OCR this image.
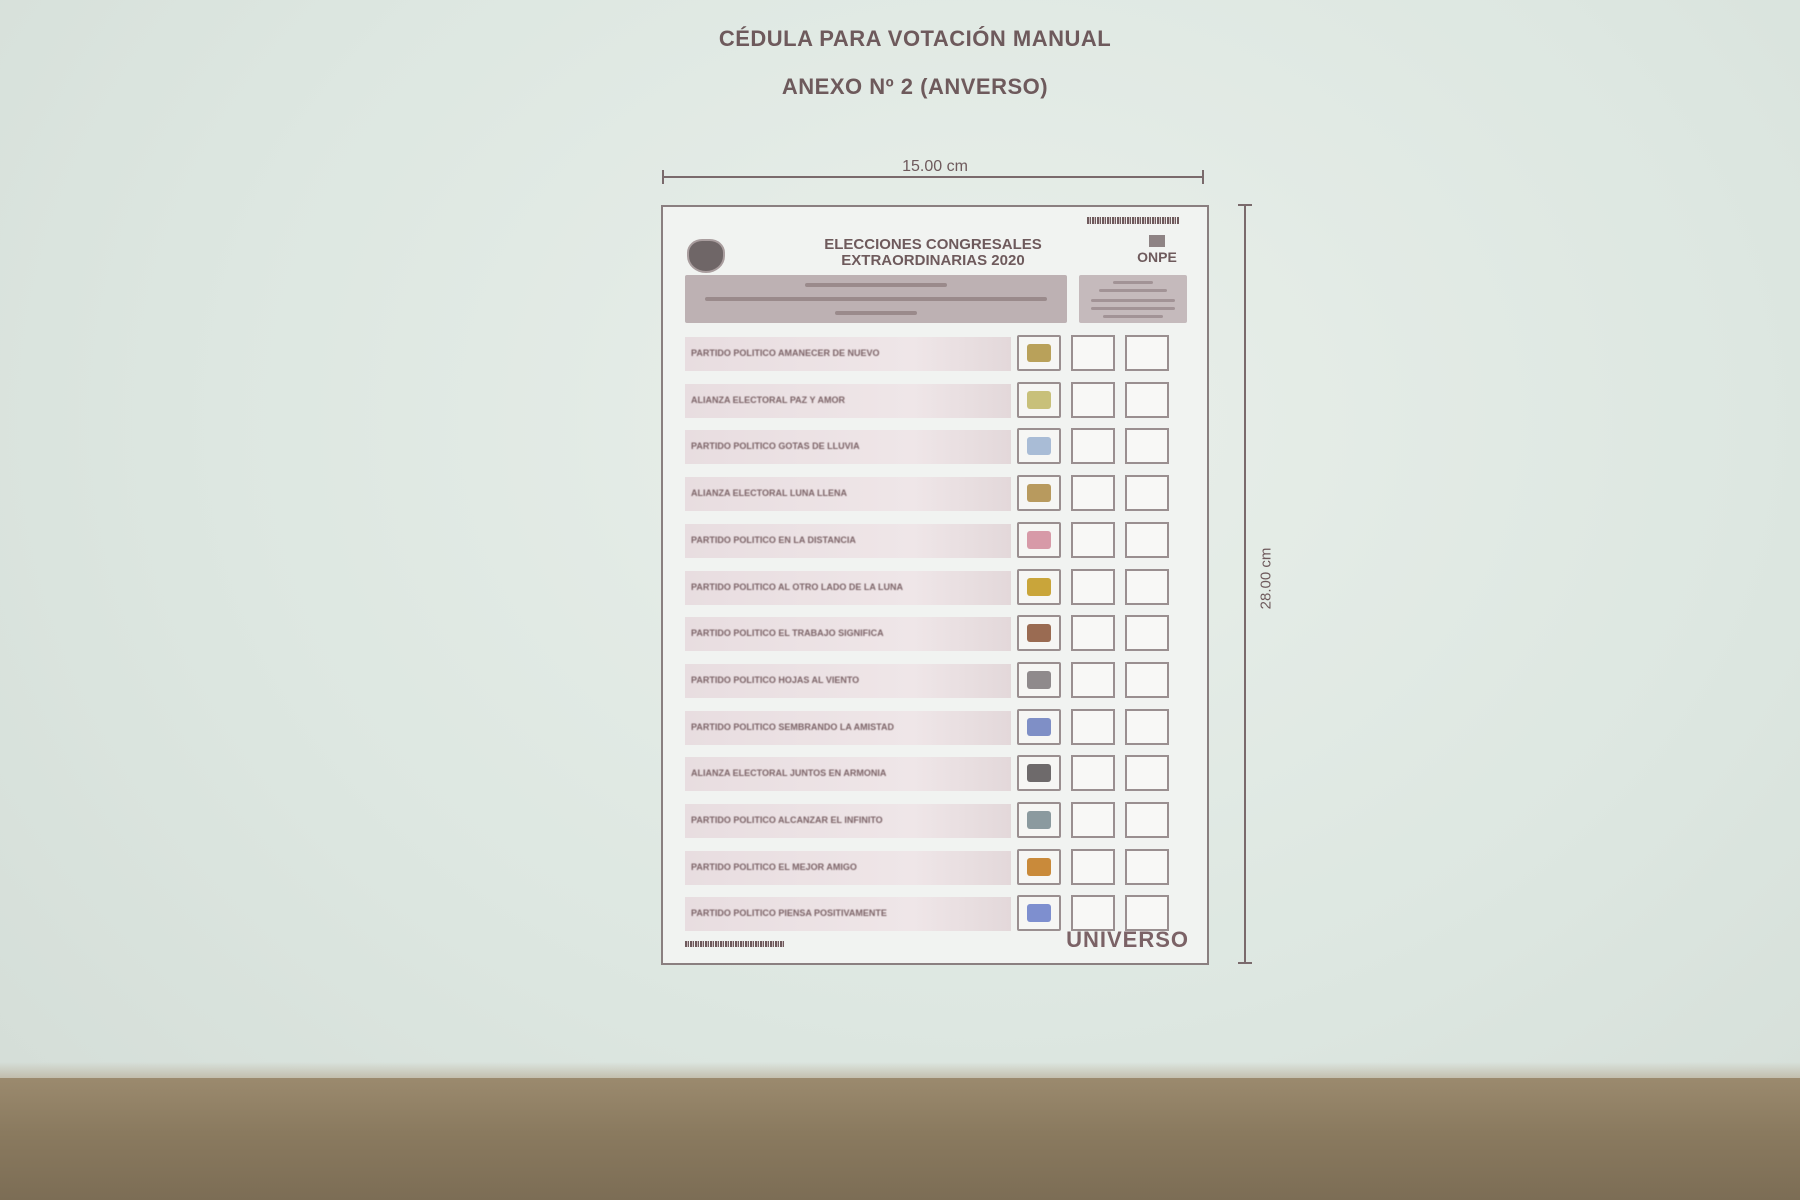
CÉDULA PARA VOTACIÓN MANUAL
ANEXO Nº 2 (ANVERSO)
15.00 cm
28.00 cm
ELECCIONES CONGRESALES
EXTRAORDINARIAS 2020	ONPE
PARTIDO POLITICO AMANECER DE NUEVO
ALIANZA ELECTORAL PAZ Y AMOR
PARTIDO POLITICO GOTAS DE LLUVIA
ALIANZA ELECTORAL LUNA LLENA
PARTIDO POLITICO EN LA DISTANCIA
PARTIDO POLITICO AL OTRO LADO DE LA LUNA
PARTIDO POLITICO EL TRABAJO SIGNIFICA
PARTIDO POLITICO HOJAS AL VIENTO
PARTIDO POLITICO SEMBRANDO LA AMISTAD
ALIANZA ELECTORAL JUNTOS EN ARMONIA
PARTIDO POLITICO ALCANZAR EL INFINITO
PARTIDO POLITICO EL MEJOR AMIGO
PARTIDO POLITICO PIENSA POSITIVAMENTE
UNIVERSO
